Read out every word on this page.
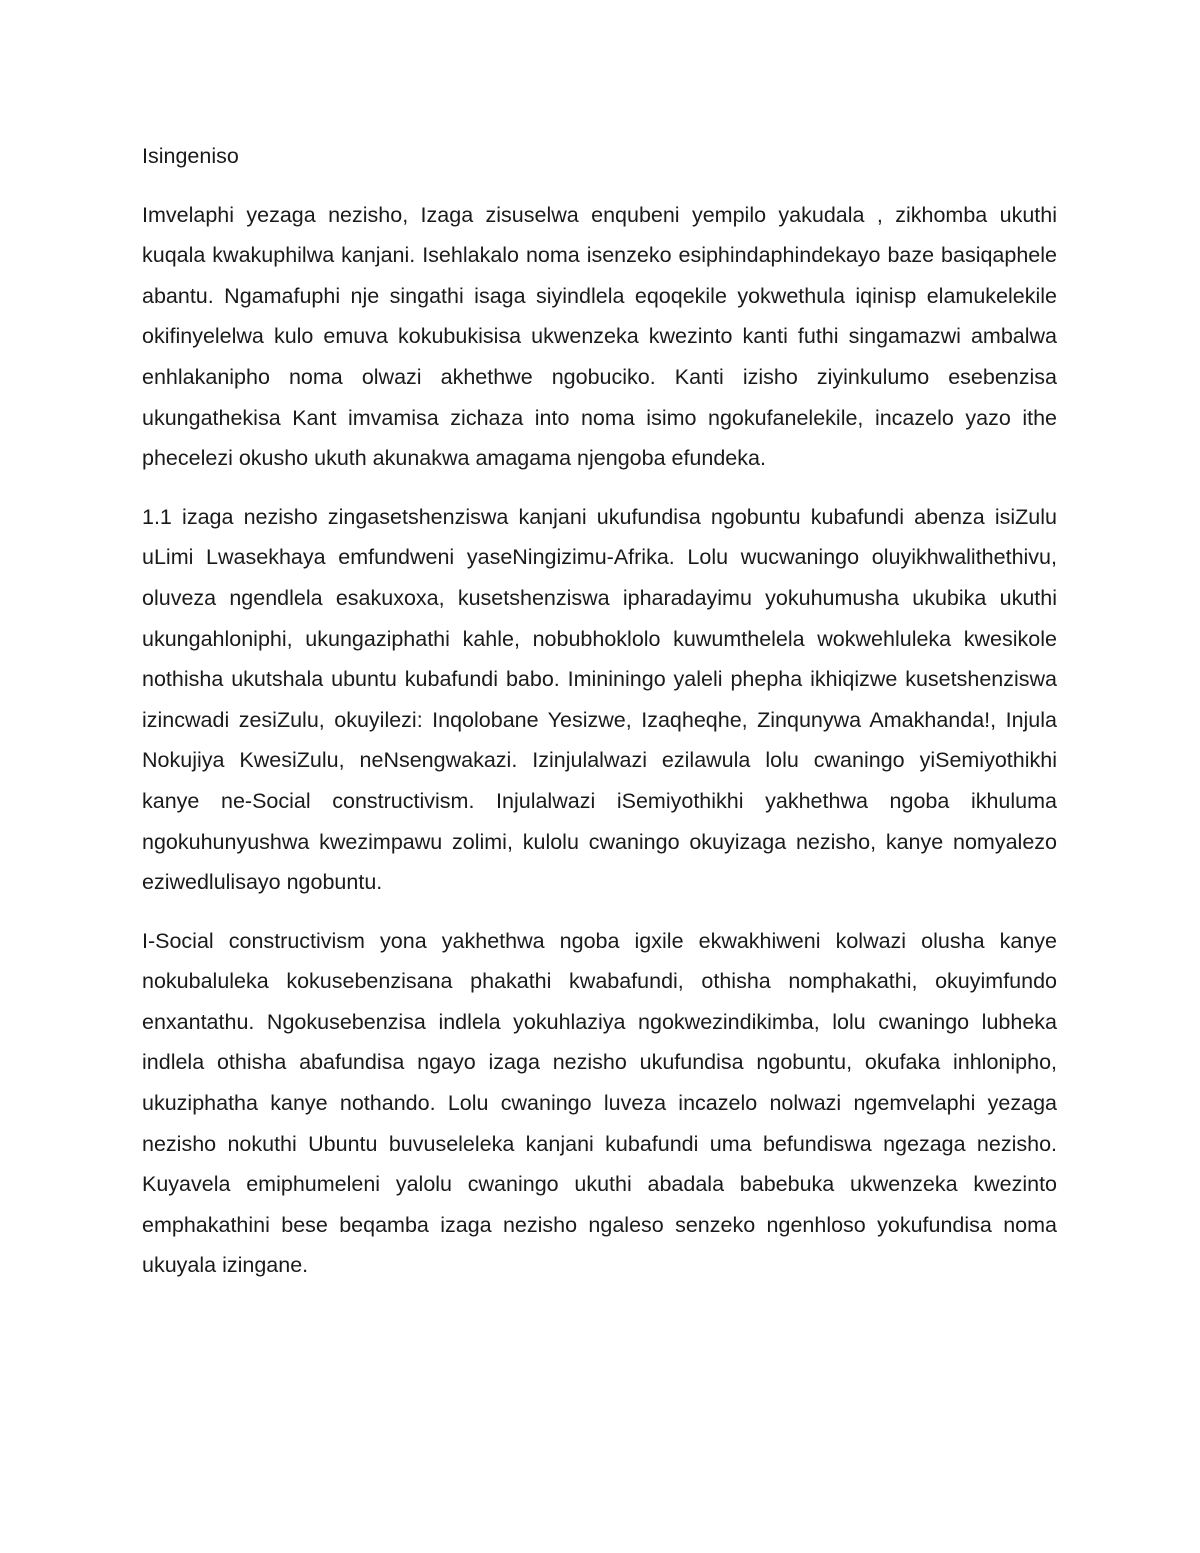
Isingeniso

Imvelaphi yezaga nezisho, Izaga zisuselwa enqubeni yempilo yakudala , zikhomba ukuthi kuqala kwakuphilwa kanjani. Isehlakalo noma isenzeko esiphindaphindekayo baze basiqaphele abantu. Ngamafuphi nje singathi isaga siyindlela eqoqekile yokwethula iqinisp elamukelekile okifinyelelwa kulo emuva kokubukisisa ukwenzeka kwezinto kanti futhi singamazwi ambalwa enhlakanipho noma olwazi akhethwe ngobuciko. Kanti izisho ziyinkulumo esebenzisa ukungathekisa Kant imvamisa zichaza into noma isimo ngokufanelekile, incazelo yazo ithe phecelezi okusho ukuth akunakwa amagama njengoba efundeka.

1.1 izaga nezisho zingasetshenziswa kanjani ukufundisa ngobuntu kubafundi abenza isiZulu uLimi Lwasekhaya emfundweni yaseNingizimu-Afrika. Lolu wucwaningo oluyikhwalithethivu, oluveza ngendlela esakuxoxa, kusetshenziswa ipharadayimu yokuhumusha ukubika ukuthi ukungahloniphi, ukungaziphathi kahle, nobubhoklolo kuwumthelela wokwehluleka kwesikole nothisha ukutshala ubuntu kubafundi babo. Imininingo yaleli phepha ikhiqizwe kusetshenziswa izincwadi zesiZulu, okuyilezi: Inqolobane Yesizwe, Izaqheqhe, Zinqunywa Amakhanda!, Injula Nokujiya KwesiZulu, neNsengwakazi. Izinjulalwazi ezilawula lolu cwaningo yiSemiyothikhi kanye ne-Social constructivism. Injulalwazi iSemiyothikhi yakhethwa ngoba ikhuluma ngokuhunyushwa kwezimpawu zolimi, kulolu cwaningo okuyizaga nezisho, kanye nomyalezo eziwedlulisayo ngobuntu.

I-Social constructivism yona yakhethwa ngoba igxile ekwakhiweni kolwazi olusha kanye nokubaluleka kokusebenzisana phakathi kwabafundi, othisha nomphakathi, okuyimfundo enxantathu. Ngokusebenzisa indlela yokuhlaziya ngokwezindikimba, lolu cwaningo lubheka indlela othisha abafundisa ngayo izaga nezisho ukufundisa ngobuntu, okufaka inhlonipho, ukuziphatha kanye nothando. Lolu cwaningo luveza incazelo nolwazi ngemvelaphi yezaga nezisho nokuthi Ubuntu buvuseleleka kanjani kubafundi uma befundiswa ngezaga nezisho. Kuyavela emiphumeleni yalolu cwaningo ukuthi abadala babebuka ukwenzeka kwezinto emphakathini bese beqamba izaga nezisho ngaleso senzeko ngenhloso yokufundisa noma ukuyala izingane.
